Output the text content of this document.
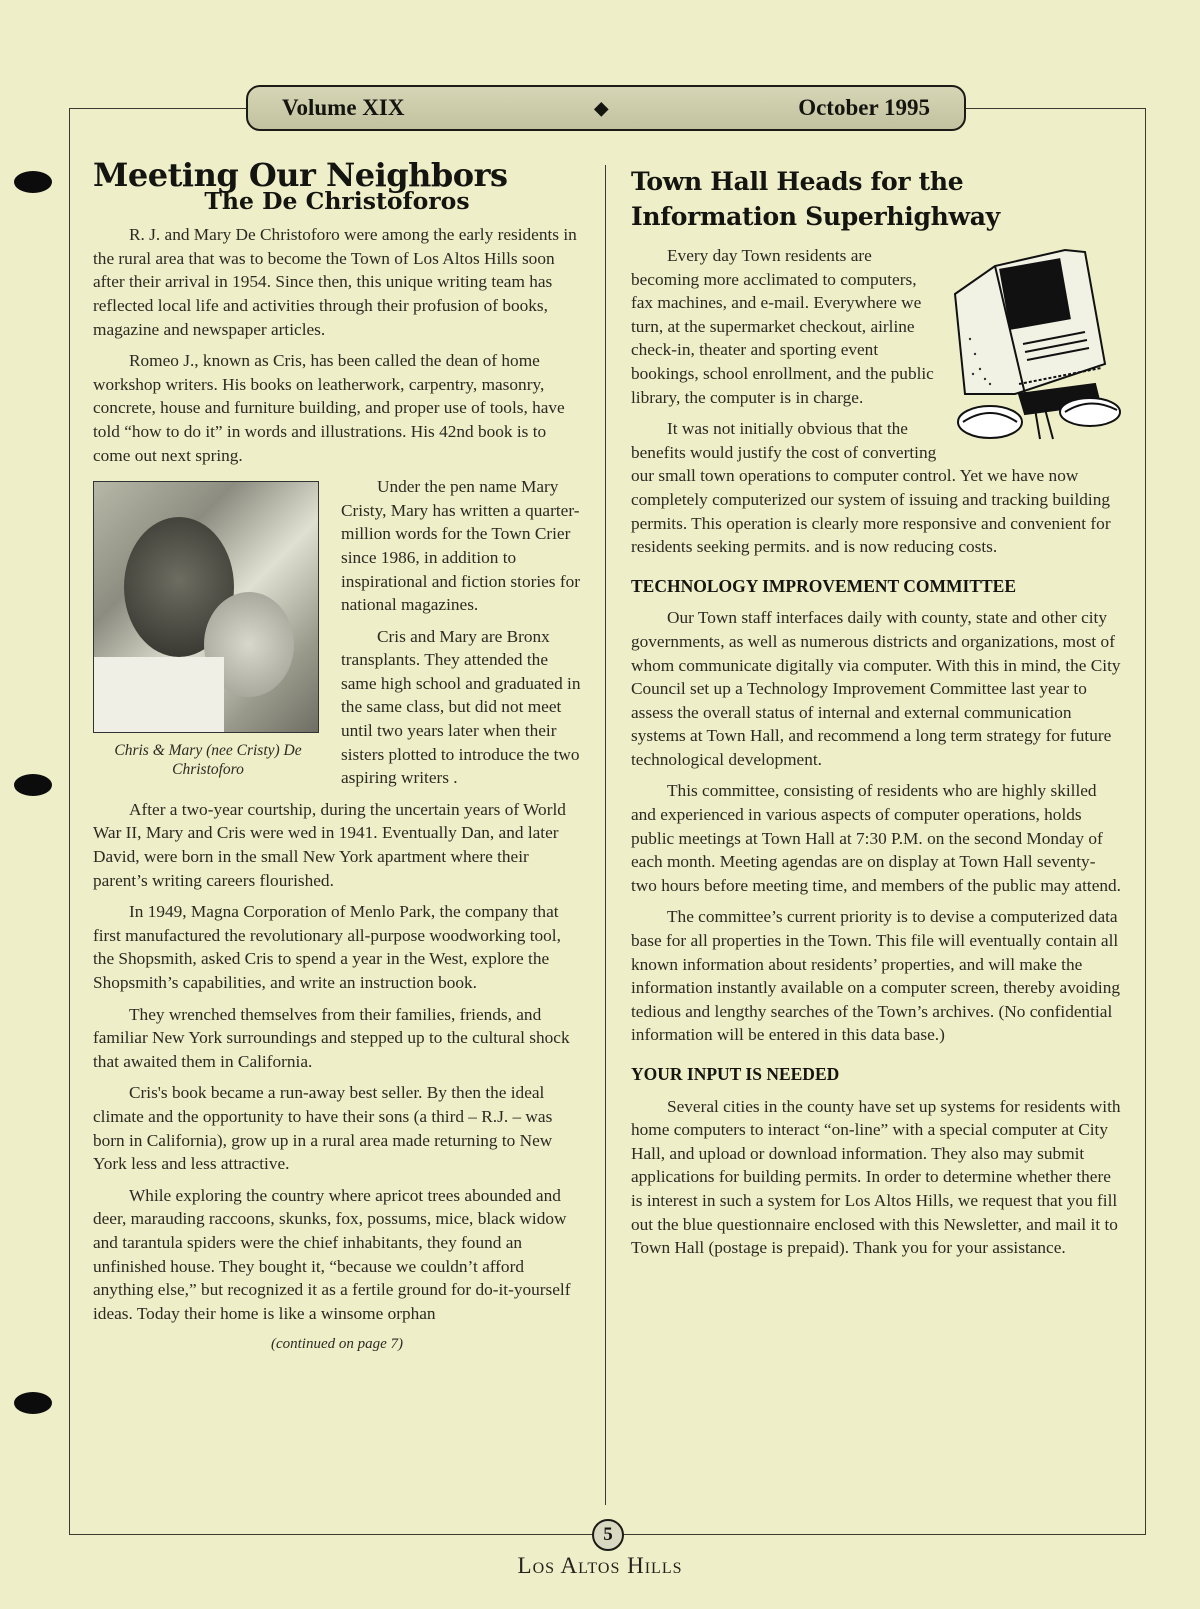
Volume XIX	◆	October 1995
Meeting Our Neighbors
The De Christoforos

R. J. and Mary De Christoforo were among the early residents in the rural area that was to become the Town of Los Altos Hills soon after their arrival in 1954. Since then, this unique writing team has reflected local life and activities through their profusion of books, magazine and newspaper articles.

Romeo J., known as Cris, has been called the dean of home workshop writers. His books on leatherwork, carpentry, masonry, concrete, house and furniture building, and proper use of tools, have told “how to do it” in words and illustrations. His 42nd book is to come out next spring.

Chris & Mary (nee Cristy) De Christoforo

Under the pen name Mary Cristy, Mary has written a quarter-million words for the Town Crier since 1986, in addition to inspirational and fiction stories for national magazines.

Cris and Mary are Bronx transplants. They attended the same high school and graduated in the same class, but did not meet until two years later when their sisters plotted to introduce the two aspiring writers .

After a two-year courtship, during the uncertain years of World War II, Mary and Cris were wed in 1941. Eventually Dan, and later David, were born in the small New York apartment where their parent’s writing careers flourished.

In 1949, Magna Corporation of Menlo Park, the company that first manufactured the revolutionary all-purpose woodworking tool, the Shopsmith, asked Cris to spend a year in the West, explore the Shopsmith’s capabilities, and write an instruction book.

They wrenched themselves from their families, friends, and familiar New York surroundings and stepped up to the cultural shock that awaited them in California.

Cris's book became a run-away best seller. By then the ideal climate and the opportunity to have their sons (a third – R.J. – was born in California), grow up in a rural area made returning to New York less and less attractive.

While exploring the country where apricot trees abounded and deer, marauding raccoons, skunks, fox, possums, mice, black widow and tarantula spiders were the chief inhabitants, they found an unfinished house. They bought it, “because we couldn’t afford anything else,” but recognized it as a fertile ground for do-it-yourself ideas. Today their home is like a winsome orphan

(continued on page 7)
Town Hall Heads for the Information Superhighway

Every day Town residents are becoming more acclimated to computers, fax machines, and e-mail. Everywhere we turn, at the supermarket checkout, airline check-in, theater and sporting event bookings, school enrollment, and the public library, the computer is in charge.

It was not initially obvious that the benefits would justify the cost of converting our small town operations to computer control. Yet we have now completely computerized our system of issuing and tracking building permits. This operation is clearly more responsive and convenient for residents seeking permits. and is now reducing costs.

TECHNOLOGY IMPROVEMENT COMMITTEE

Our Town staff interfaces daily with county, state and other city governments, as well as numerous districts and organizations, most of whom communicate digitally via computer. With this in mind, the City Council set up a Technology Improvement Committee last year to assess the overall status of internal and external communication systems at Town Hall, and recommend a long term strategy for future technological development.

This committee, consisting of residents who are highly skilled and experienced in various aspects of computer operations, holds public meetings at Town Hall at 7:30 P.M. on the second Monday of each month. Meeting agendas are on display at Town Hall seventy-two hours before meeting time, and members of the public may attend.

The committee’s current priority is to devise a computerized data base for all properties in the Town. This file will eventually contain all known information about residents’ properties, and will make the information instantly available on a computer screen, thereby avoiding tedious and lengthy searches of the Town’s archives. (No confidential information will be entered in this data base.)

YOUR INPUT IS NEEDED

Several cities in the county have set up systems for residents with home computers to interact “on-line” with a special computer at City Hall, and upload or download information. They also may submit applications for building permits. In order to determine whether there is interest in such a system for Los Altos Hills, we request that you fill out the blue questionnaire enclosed with this Newsletter, and mail it to Town Hall (postage is prepaid). Thank you for your assistance.

5
Los Altos Hills
